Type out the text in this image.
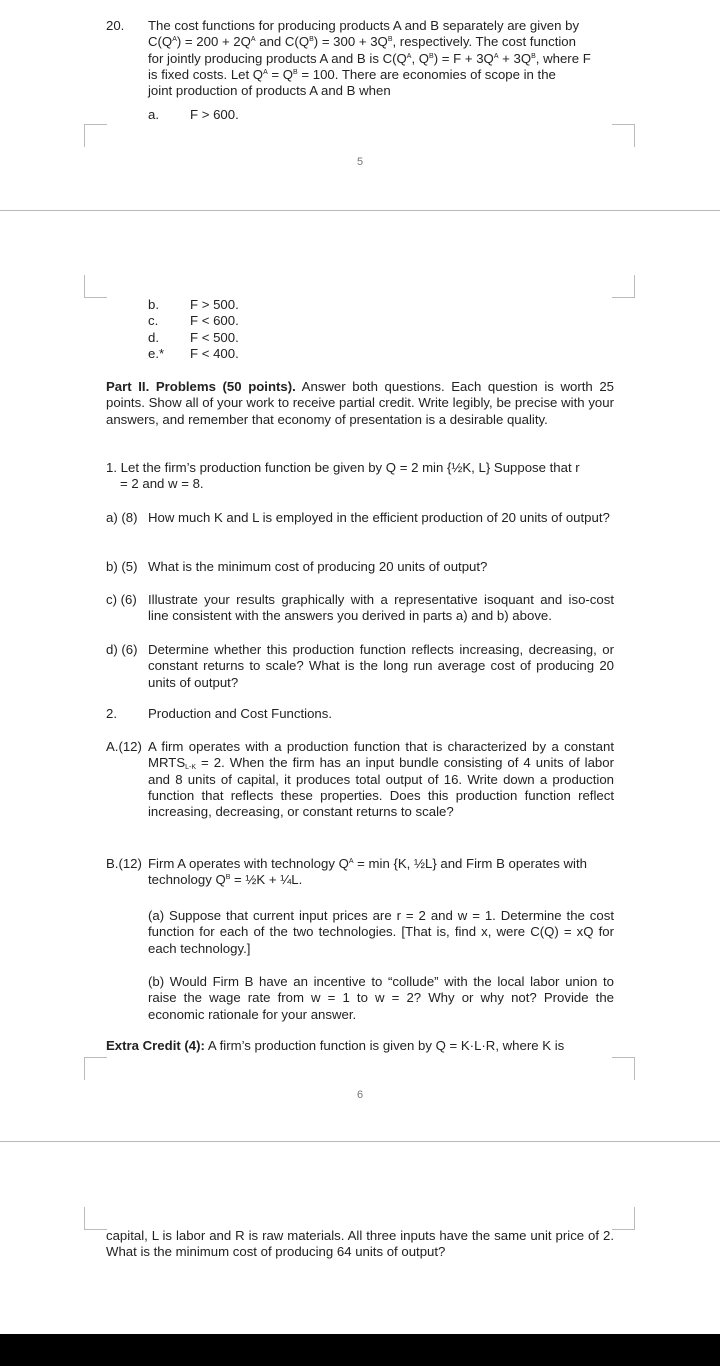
20. The cost functions for producing products A and B separately are given by
$C(Q^A) = 200 + 2Q^A$ and $C(Q^B) = 300 + 3Q^B$, respectively. The cost function
for jointly producing products A and B is $C(Q^A$, $Q^B) = F + 3Q^A + 3Q^B$, where F
is fixed costs. Let $Q^A = Q^B = 100$. There are economies of scope in the
joint production of products A and B when
a. F > 600.
5
b. F > 500.
c. F < 600.
d. F < 500.
e.* F < 400.
Part II. Problems (50 points). Answer both questions. Each question is worth 25 points. Show all of your work to receive partial credit. Write legibly, be precise with your answers, and remember that economy of presentation is a desirable quality.
1. Let the firm’s production function be given by Q = 2 min {½K, L} Suppose that r
= 2 and w = 8.
a) (8) How much K and L is employed in the efficient production of 20 units of output?
b) (5) What is the minimum cost of producing 20 units of output?
c) (6) Illustrate your results graphically with a representative isoquant and iso-cost line consistent with the answers you derived in parts a) and b) above.
d) (6) Determine whether this production function reflects increasing, decreasing, or constant returns to scale? What is the long run average cost of producing 20 units of output?
2. Production and Cost Functions.
A.(12) A firm operates with a production function that is characterized by a constant $MRTS_{L-K} = 2$. When the firm has an input bundle consisting of 4 units of labor and 8 units of capital, it produces total output of 16. Write down a production function that reflects these properties. Does this production function reflect increasing, decreasing, or constant returns to scale?
B.(12) Firm A operates with technology $Q^A = \min \{K$, ½L} and Firm B operates with
technology $Q^B$ = ½K + ¼L.
(a) Suppose that current input prices are r = 2 and w = 1. Determine the cost function for each of the two technologies. [That is, find x, were C(Q) = xQ for each technology.]
(b) Would Firm B have an incentive to “collude” with the local labor union to raise the wage rate from w = 1 to w = 2? Why or why not? Provide the economic rationale for your answer.
Extra Credit (4): A firm’s production function is given by Q = K·L·R, where K is
6
capital, L is labor and R is raw materials. All three inputs have the same unit price of 2. What is the minimum cost of producing 64 units of output?
